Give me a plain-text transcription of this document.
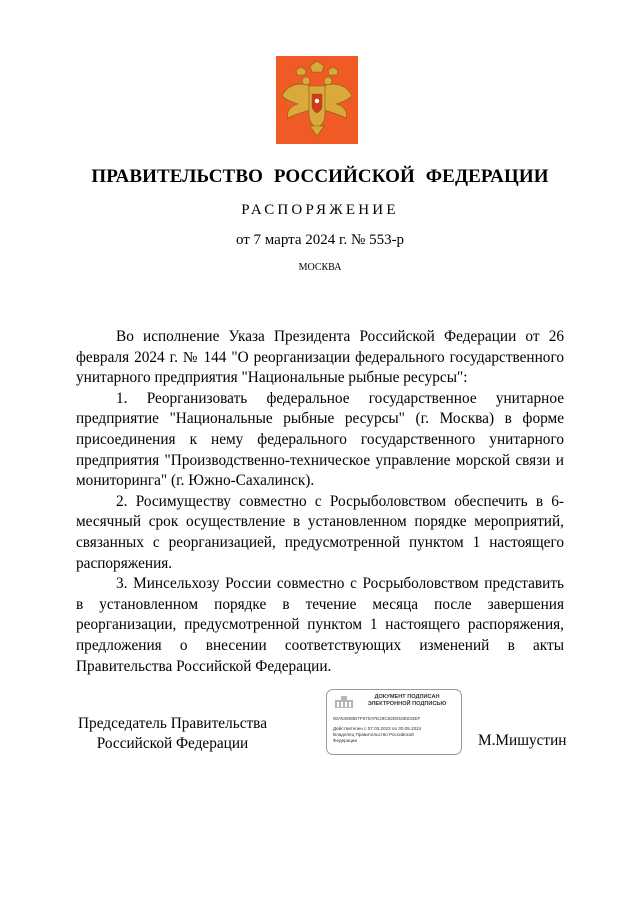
ПРАВИТЕЛЬСТВО РОССИЙСКОЙ ФЕДЕРАЦИИ
РАСПОРЯЖЕНИЕ
от 7 марта 2024 г. № 553-р
МОСКВА

Во исполнение Указа Президента Российской Федерации от 26 февраля 2024 г. № 144 "О реорганизации федерального государственного унитарного предприятия "Национальные рыбные ресурсы":

1. Реорганизовать федеральное государственное унитарное предприятие "Национальные рыбные ресурсы" (г. Москва) в форме присоединения к нему федерального государственного унитарного предприятия "Производственно-техническое управление морской связи и мониторинга" (г. Южно-Сахалинск).

2. Росимуществу совместно с Росрыболовством обеспечить в 6-месячный срок осуществление в установленном порядке мероприятий, связанных с реорганизацией, предусмотренной пунктом 1 настоящего распоряжения.

3. Минсельхозу России совместно с Росрыболовством представить в установленном порядке в течение месяца после завершения реорганизации, предусмотренной пунктом 1 настоящего распоряжения, предложения о внесении соответствующих изменений в акты Правительства Российской Федерации.

Председатель Правительства
Российской Федерации
ДОКУМЕНТ ПОДПИСАН
ЭЛЕКТРОННОЙ ПОДПИСЬЮ
00A54908D7F670AFE29C82D916E033EF
Действителен с 07.03.2023 по 30.05.2024
Владелец Правительство Российской
Федерации	М.Мишустин
